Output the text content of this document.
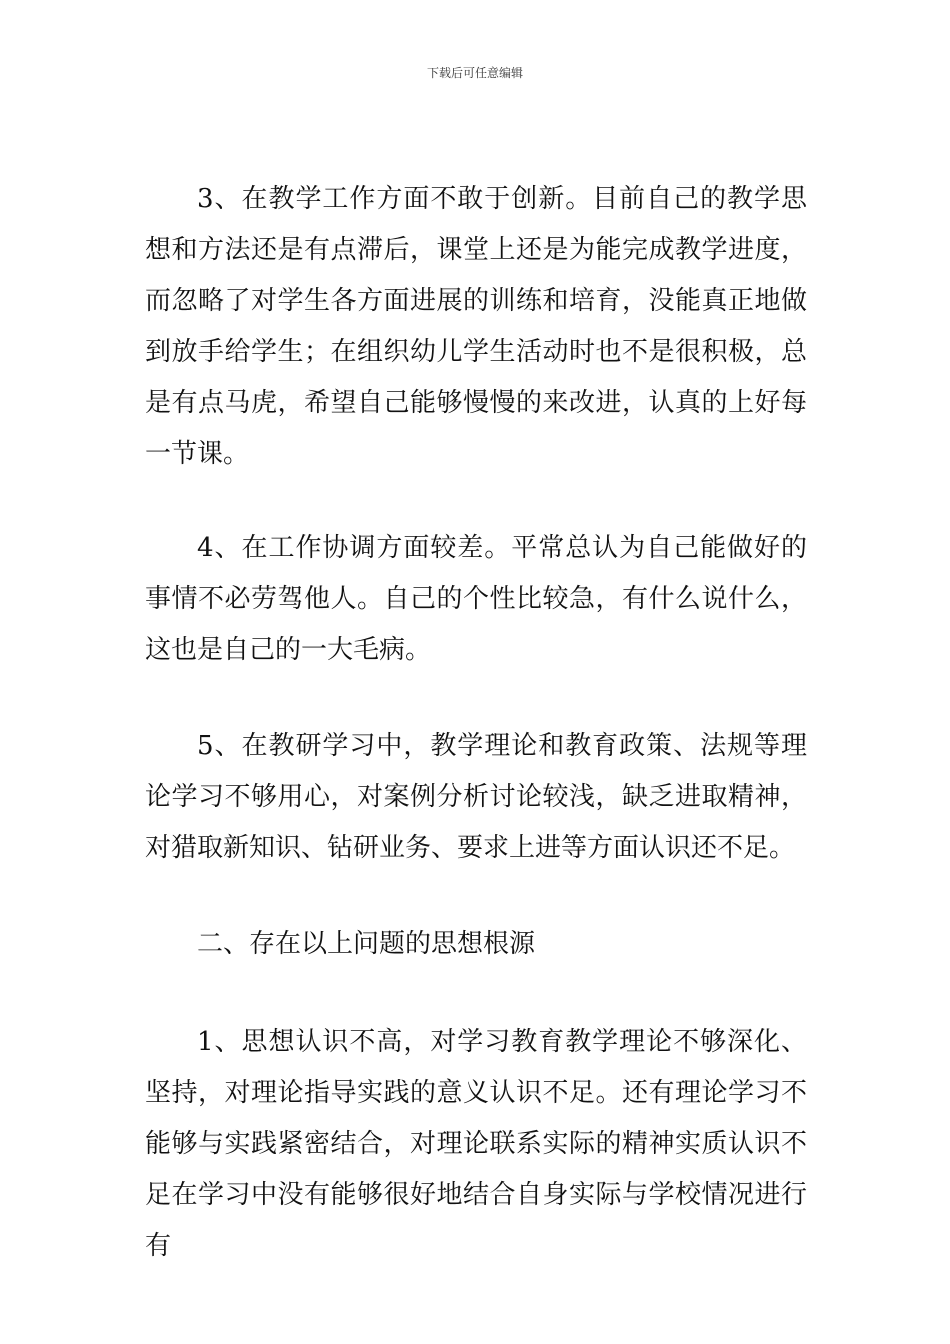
下载后可任意编辑

3、在教学工作方面不敢于创新。目前自己的教学思想和方法还是有点滞后，课堂上还是为能完成教学进度，而忽略了对学生各方面进展的训练和培育，没能真正地做到放手给学生；在组织幼儿学生活动时也不是很积极，总是有点马虎，希望自己能够慢慢的来改进，认真的上好每一节课。

4、在工作协调方面较差。平常总认为自己能做好的事情不必劳驾他人。自己的个性比较急，有什么说什么，这也是自己的一大毛病。

5、在教研学习中，教学理论和教育政策、法规等理论学习不够用心，对案例分析讨论较浅，缺乏进取精神，对猎取新知识、钻研业务、要求上进等方面认识还不足。

二、存在以上问题的思想根源

1、思想认识不高，对学习教育教学理论不够深化、坚持，对理论指导实践的意义认识不足。还有理论学习不能够与实践紧密结合，对理论联系实际的精神实质认识不足在学习中没有能够很好地结合自身实际与学校情况进行有
